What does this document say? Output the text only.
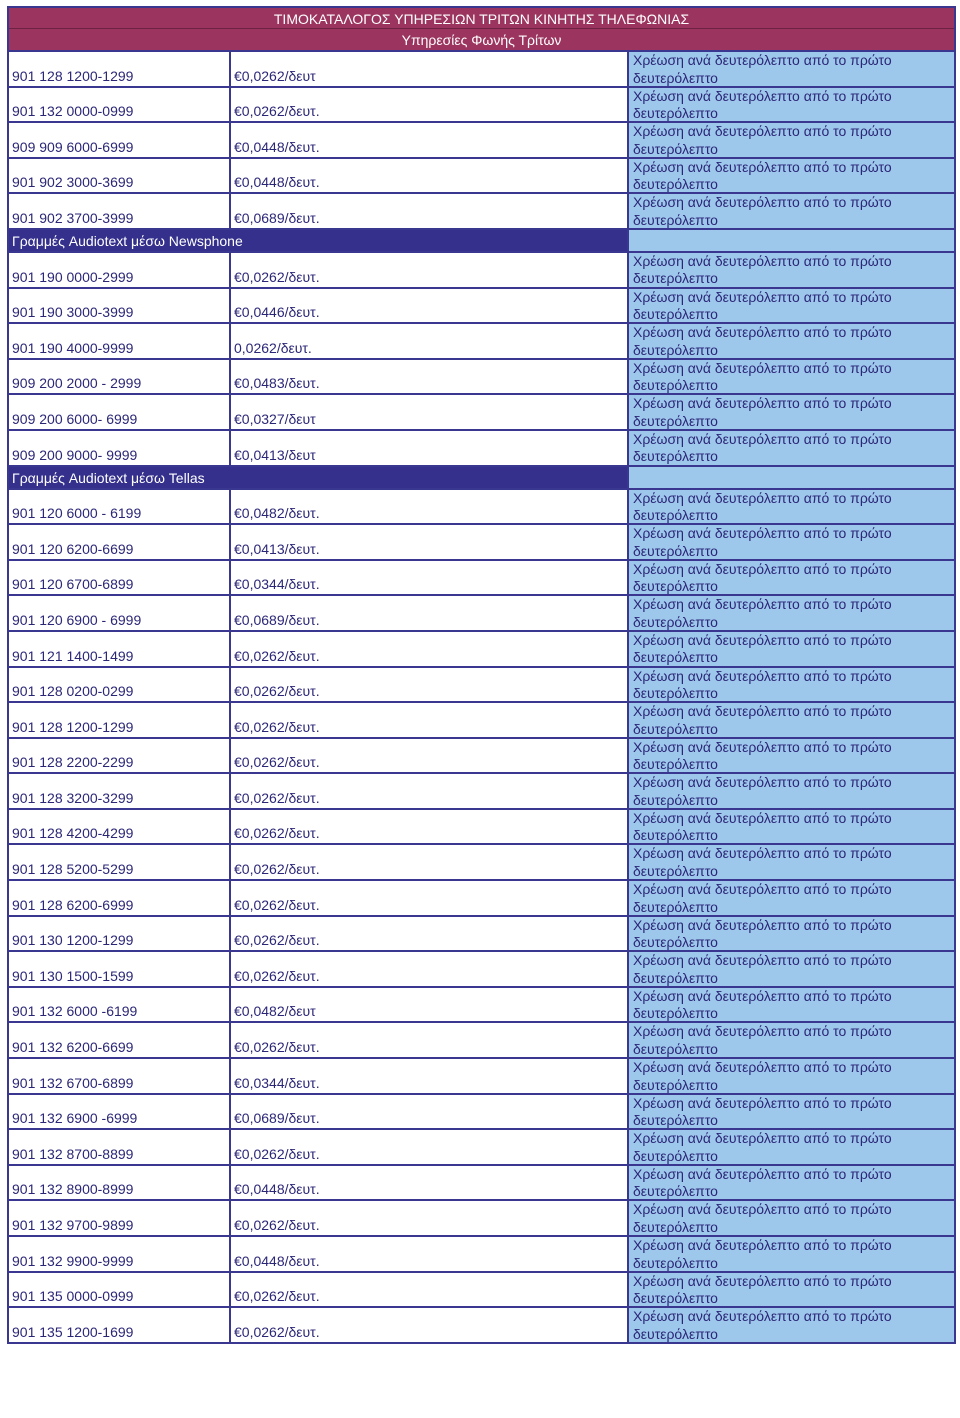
ΤΙΜΟΚΑΤΑΛΟΓΟΣ ΥΠΗΡΕΣΙΩΝ ΤΡΙΤΩΝ ΚΙΝΗΤΗΣ ΤΗΛΕΦΩΝΙΑΣ
Υπηρεσίες Φωνής Τρίτων
901 128 1200-1299	€0,0262/δευτ
Χρέωση ανά δευτερόλεπτο από το πρώτο
δευτερόλεπτο
901 132 0000-0999	€0,0262/δευτ.
Χρέωση ανά δευτερόλεπτο από το πρώτο
δευτερόλεπτο
909 909 6000-6999	€0,0448/δευτ.
Χρέωση ανά δευτερόλεπτο από το πρώτο
δευτερόλεπτο
901 902 3000-3699	€0,0448/δευτ.
Χρέωση ανά δευτερόλεπτο από το πρώτο
δευτερόλεπτο
901 902 3700-3999	€0,0689/δευτ.
Χρέωση ανά δευτερόλεπτο από το πρώτο
δευτερόλεπτο
Γραμμές Audiotext μέσω Newsphone
901 190 0000-2999	€0,0262/δευτ.
Χρέωση ανά δευτερόλεπτο από το πρώτο
δευτερόλεπτο
901 190 3000-3999	€0,0446/δευτ.
Χρέωση ανά δευτερόλεπτο από το πρώτο
δευτερόλεπτο
901 190 4000-9999	0,0262/δευτ.
Χρέωση ανά δευτερόλεπτο από το πρώτο
δευτερόλεπτο
909 200 2000 - 2999	€0,0483/δευτ.
Χρέωση ανά δευτερόλεπτο από το πρώτο
δευτερόλεπτο
909 200 6000- 6999	€0,0327/δευτ
Χρέωση ανά δευτερόλεπτο από το πρώτο
δευτερόλεπτο
909 200 9000- 9999	€0,0413/δευτ
Χρέωση ανά δευτερόλεπτο από το πρώτο
δευτερόλεπτο
Γραμμές Audiotext μέσω Tellas
901 120 6000 - 6199	€0,0482/δευτ.
Χρέωση ανά δευτερόλεπτο από το πρώτο
δευτερόλεπτο
901 120 6200-6699	€0,0413/δευτ.
Χρέωση ανά δευτερόλεπτο από το πρώτο
δευτερόλεπτο
901 120 6700-6899	€0,0344/δευτ.
Χρέωση ανά δευτερόλεπτο από το πρώτο
δευτερόλεπτο
901 120 6900 - 6999	€0,0689/δευτ.
Χρέωση ανά δευτερόλεπτο από το πρώτο
δευτερόλεπτο
901 121 1400-1499	€0,0262/δευτ.
Χρέωση ανά δευτερόλεπτο από το πρώτο
δευτερόλεπτο
901 128 0200-0299	€0,0262/δευτ.
Χρέωση ανά δευτερόλεπτο από το πρώτο
δευτερόλεπτο
901 128 1200-1299	€0,0262/δευτ.
Χρέωση ανά δευτερόλεπτο από το πρώτο
δευτερόλεπτο
901 128 2200-2299	€0,0262/δευτ.
Χρέωση ανά δευτερόλεπτο από το πρώτο
δευτερόλεπτο
901 128 3200-3299	€0,0262/δευτ.
Χρέωση ανά δευτερόλεπτο από το πρώτο
δευτερόλεπτο
901 128 4200-4299	€0,0262/δευτ.
Χρέωση ανά δευτερόλεπτο από το πρώτο
δευτερόλεπτο
901 128 5200-5299	€0,0262/δευτ.
Χρέωση ανά δευτερόλεπτο από το πρώτο
δευτερόλεπτο
901 128 6200-6999	€0,0262/δευτ.
Χρέωση ανά δευτερόλεπτο από το πρώτο
δευτερόλεπτο
901 130 1200-1299	€0,0262/δευτ.
Χρέωση ανά δευτερόλεπτο από το πρώτο
δευτερόλεπτο
901 130 1500-1599	€0,0262/δευτ.
Χρέωση ανά δευτερόλεπτο από το πρώτο
δευτερόλεπτο
901 132 6000 -6199	€0,0482/δευτ
Χρέωση ανά δευτερόλεπτο από το πρώτο
δευτερόλεπτο
901 132 6200-6699	€0,0262/δευτ.
Χρέωση ανά δευτερόλεπτο από το πρώτο
δευτερόλεπτο
901 132 6700-6899	€0,0344/δευτ.
Χρέωση ανά δευτερόλεπτο από το πρώτο
δευτερόλεπτο
901 132 6900 -6999	€0,0689/δευτ.
Χρέωση ανά δευτερόλεπτο από το πρώτο
δευτερόλεπτο
901 132 8700-8899	€0,0262/δευτ.
Χρέωση ανά δευτερόλεπτο από το πρώτο
δευτερόλεπτο
901 132 8900-8999	€0,0448/δευτ.
Χρέωση ανά δευτερόλεπτο από το πρώτο
δευτερόλεπτο
901 132 9700-9899	€0,0262/δευτ.
Χρέωση ανά δευτερόλεπτο από το πρώτο
δευτερόλεπτο
901 132 9900-9999	€0,0448/δευτ.
Χρέωση ανά δευτερόλεπτο από το πρώτο
δευτερόλεπτο
901 135 0000-0999	€0,0262/δευτ.
Χρέωση ανά δευτερόλεπτο από το πρώτο
δευτερόλεπτο
901 135 1200-1699	€0,0262/δευτ.
Χρέωση ανά δευτερόλεπτο από το πρώτο
δευτερόλεπτο
